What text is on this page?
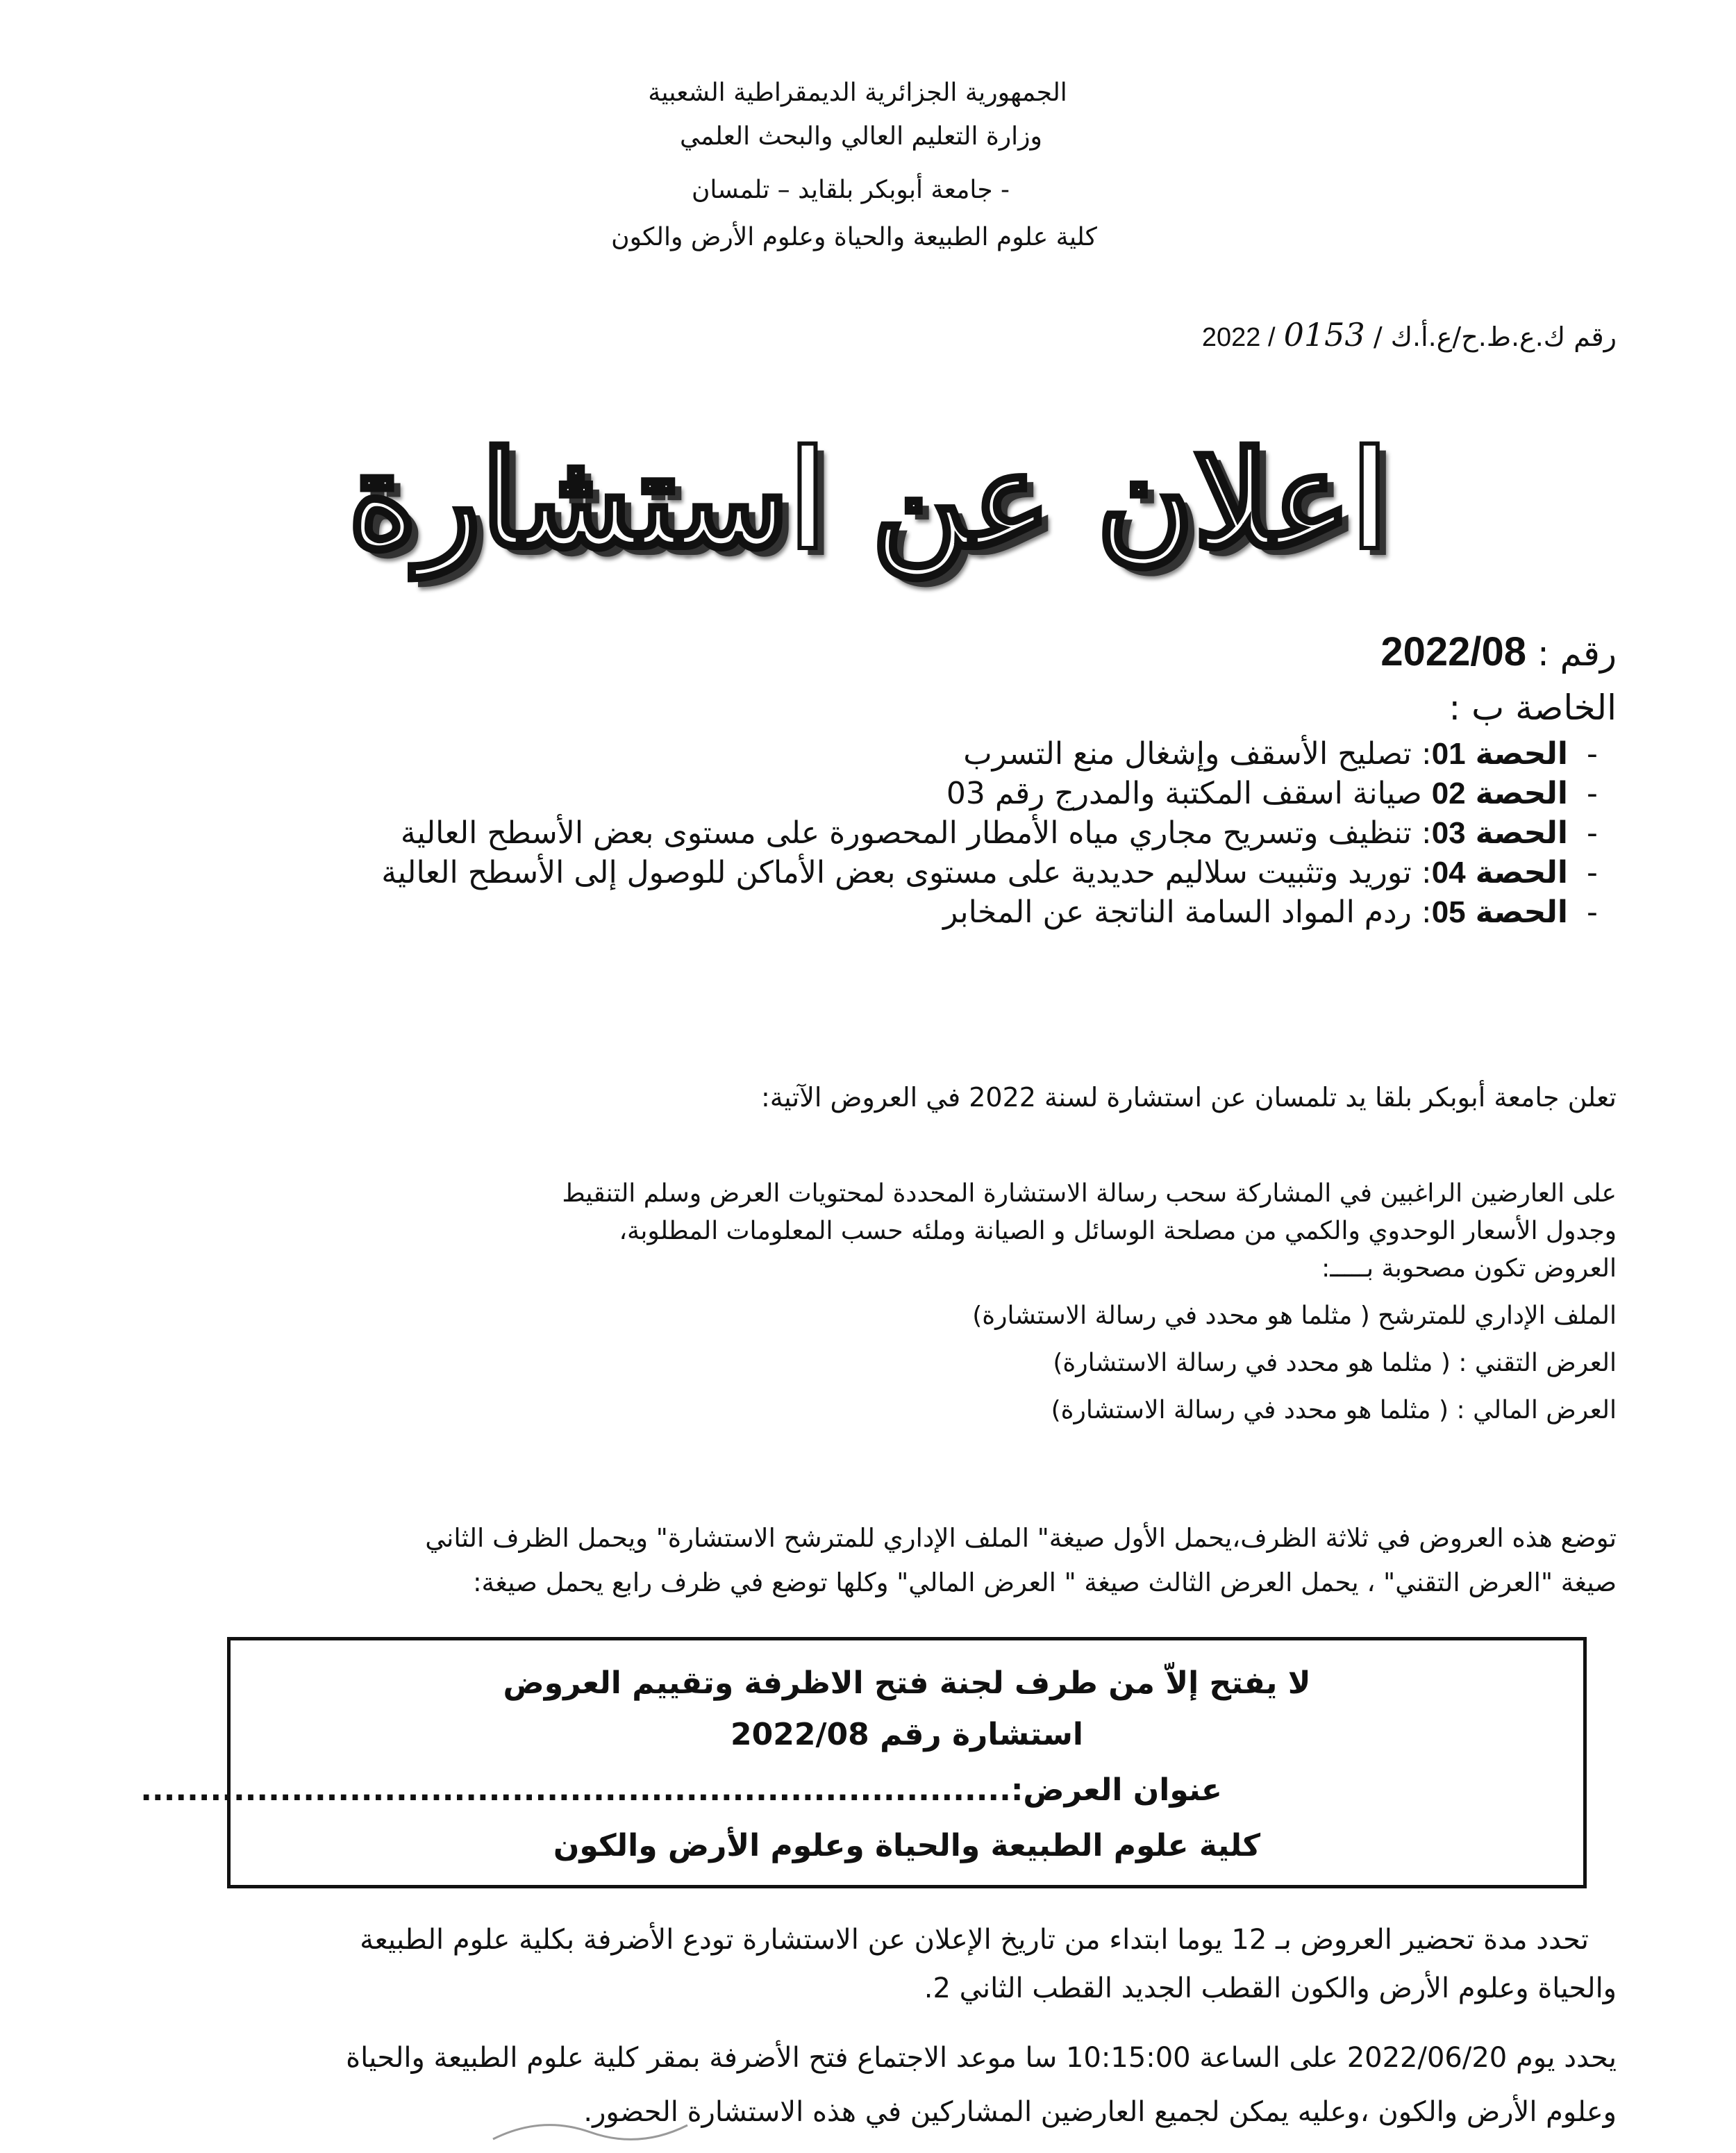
الجمهورية الجزائرية الديمقراطية الشعبية
وزارة التعليم العالي والبحث العلمي
- جامعة أبوبكر بلقايد – تلمسان
كلية علوم الطبيعة والحياة وعلوم الأرض والكون
رقم ك.ع.ط.ح/ع.أ.ك / 0153 / 2022
اعلان عن استشارة
رقم : 2022/08
الخاصة ب :
-الحصة 01: تصليح الأسقف وإشغال منع التسرب
-الحصة 02 صيانة اسقف المكتبة والمدرج رقم 03
-الحصة 03: تنظيف وتسريح مجاري مياه الأمطار المحصورة على مستوى بعض الأسطح العالية
-الحصة 04: توريد وتثبيت سلاليم حديدية على مستوى بعض الأماكن للوصول إلى الأسطح العالية
-الحصة 05: ردم المواد السامة الناتجة عن المخابر
تعلن جامعة أبوبكر بلقا يد تلمسان عن استشارة لسنة 2022 في العروض الآتية:
على العارضين الراغبين في المشاركة سحب رسالة الاستشارة المحددة لمحتويات العرض وسلم التنقيط
وجدول الأسعار الوحدوي والكمي من مصلحة الوسائل و الصيانة وملئه حسب المعلومات المطلوبة،
العروض تكون مصحوبة بـــــ:
الملف الإداري للمترشح ( مثلما هو محدد في رسالة الاستشارة)
العرض التقني : ( مثلما هو محدد في رسالة الاستشارة)
العرض المالي : ( مثلما هو محدد في رسالة الاستشارة)
توضع هذه العروض في ثلاثة الظرف،يحمل الأول صيغة" الملف الإداري للمترشح الاستشارة" ويحمل الظرف الثاني
صيغة "العرض التقني" ، يحمل العرض الثالث صيغة " العرض المالي" وكلها توضع في ظرف رابع يحمل صيغة:
لا يفتح إلاّ من طرف لجنة فتح الاظرفة وتقييم العروض
استشارة رقم 2022/08
عنوان العرض:...........................................................................
كلية علوم الطبيعة والحياة وعلوم الأرض والكون
تحدد مدة تحضير العروض بـ 12 يوما ابتداء من تاريخ الإعلان عن الاستشارة تودع الأضرفة بكلية علوم الطبيعة
والحياة وعلوم الأرض والكون القطب الجديد القطب الثاني 2.
يحدد يوم 2022/06/20 على الساعة 10:15:00 سا موعد الاجتماع فتح الأضرفة بمقر كلية علوم الطبيعة والحياة
وعلوم الأرض والكون ،وعليه يمكن لجميع العارضين المشاركين في هذه الاستشارة الحضور.
